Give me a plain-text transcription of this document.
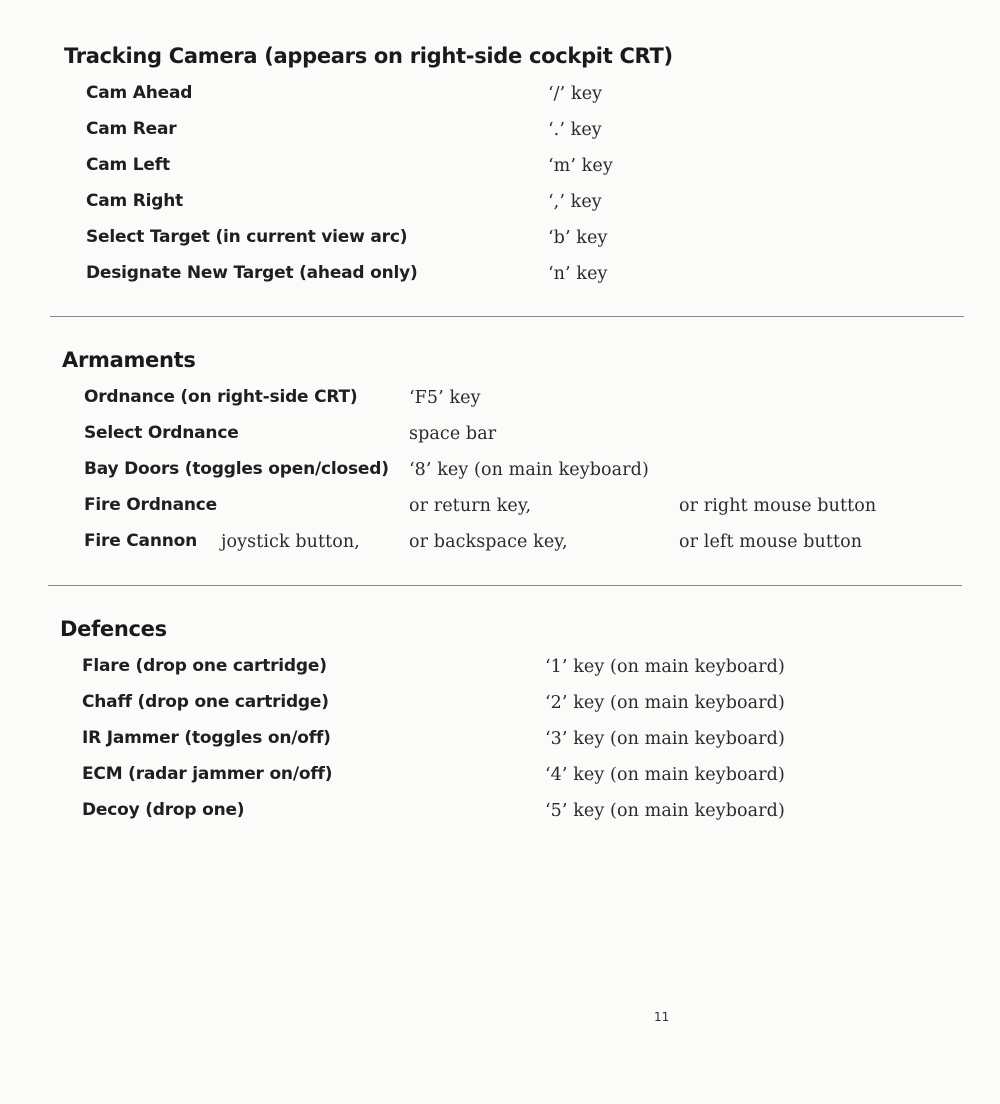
Tracking Camera (appears on right-side cockpit CRT)
Cam Ahead	‘/’ key
Cam Rear	‘.’ key
Cam Left	‘m’ key
Cam Right	‘,’ key
Select Target (in current view arc)	‘b’ key
Designate New Target (ahead only)	‘n’ key
Armaments
Ordnance (on right-side CRT)	‘F5’ key
Select Ordnance	space bar
Bay Doors (toggles open/closed) ‘8’ key (on main keyboard)
Fire Ordnance	or return key,	or right mouse button
Fire Cannon joystick button,	or backspace key,	or left mouse button
Defences
Flare (drop one cartridge)	‘1’ key (on main keyboard)
Chaff (drop one cartridge)	‘2’ key (on main keyboard)
IR Jammer (toggles on/off)	‘3’ key (on main keyboard)
ECM (radar jammer on/off)	‘4’ key (on main keyboard)
Decoy (drop one)	‘5’ key (on main keyboard)
11
